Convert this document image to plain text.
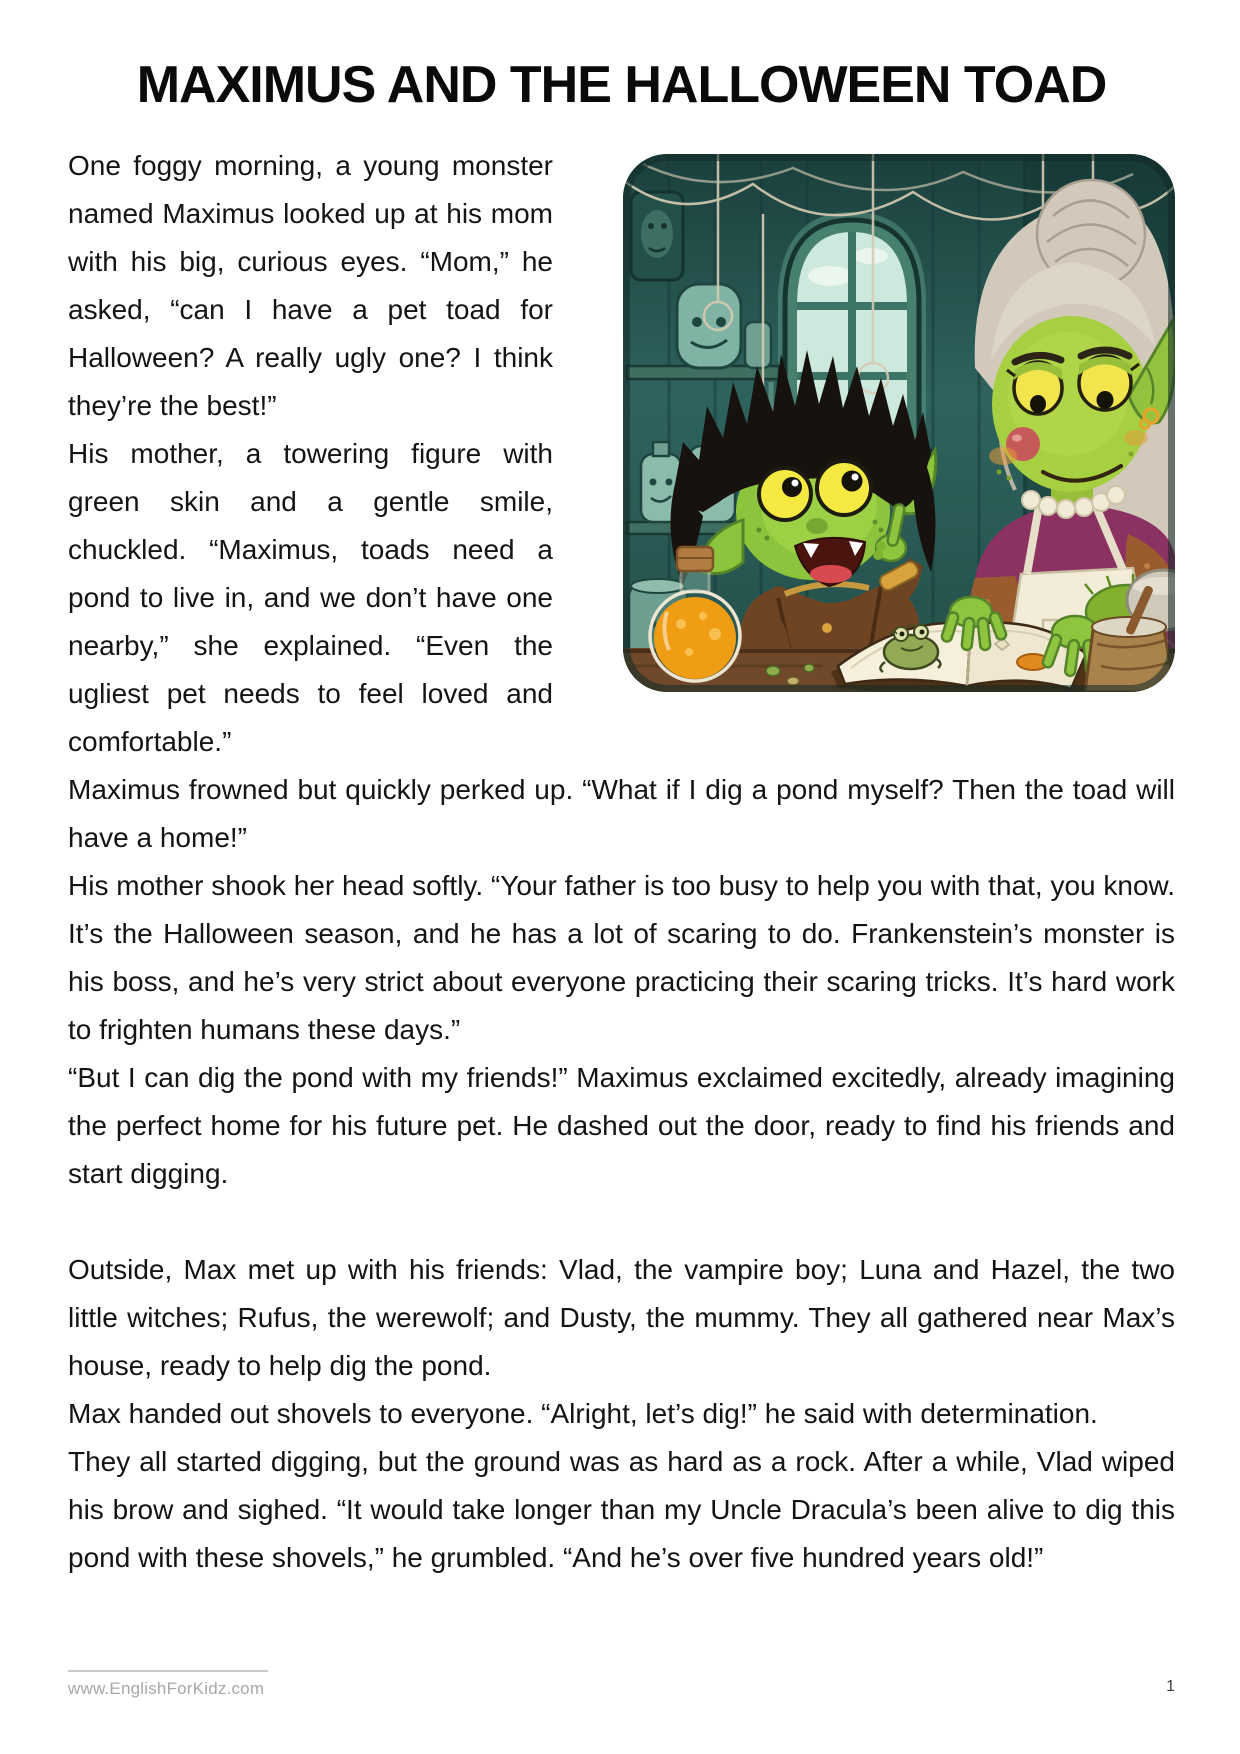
MAXIMUS AND THE HALLOWEEN TOAD

One foggy morning, a young monster named Maximus looked up at his mom with his big, curious eyes. “Mom,” he asked, “can I have a pet toad for Halloween? A really ugly one? I think they’re the best!”

His mother, a towering figure with green skin and a gentle smile, chuckled. “Maximus, toads need a pond to live in, and we don’t have one nearby,” she explained. “Even the ugliest pet needs to feel loved and comfortable.”

Maximus frowned but quickly perked up. “What if I dig a pond myself? Then the toad will have a home!”

His mother shook her head softly. “Your father is too busy to help you with that, you know. It’s the Halloween season, and he has a lot of scaring to do. Frankenstein’s monster is his boss, and he’s very strict about everyone practicing their scaring tricks. It’s hard work to frighten humans these days.”

“But I can dig the pond with my friends!” Maximus exclaimed excitedly, already imagining the perfect home for his future pet. He dashed out the door, ready to find his friends and start digging.

Outside, Max met up with his friends: Vlad, the vampire boy; Luna and Hazel, the two little witches; Rufus, the werewolf; and Dusty, the mummy. They all gathered near Max’s house, ready to help dig the pond.

Max handed out shovels to everyone. “Alright, let’s dig!” he said with determination.

They all started digging, but the ground was as hard as a rock. After a while, Vlad wiped his brow and sighed. “It would take longer than my Uncle Dracula’s been alive to dig this pond with these shovels,” he grumbled. “And he’s over five hundred years old!”

www.EnglishForKidz.com	1
